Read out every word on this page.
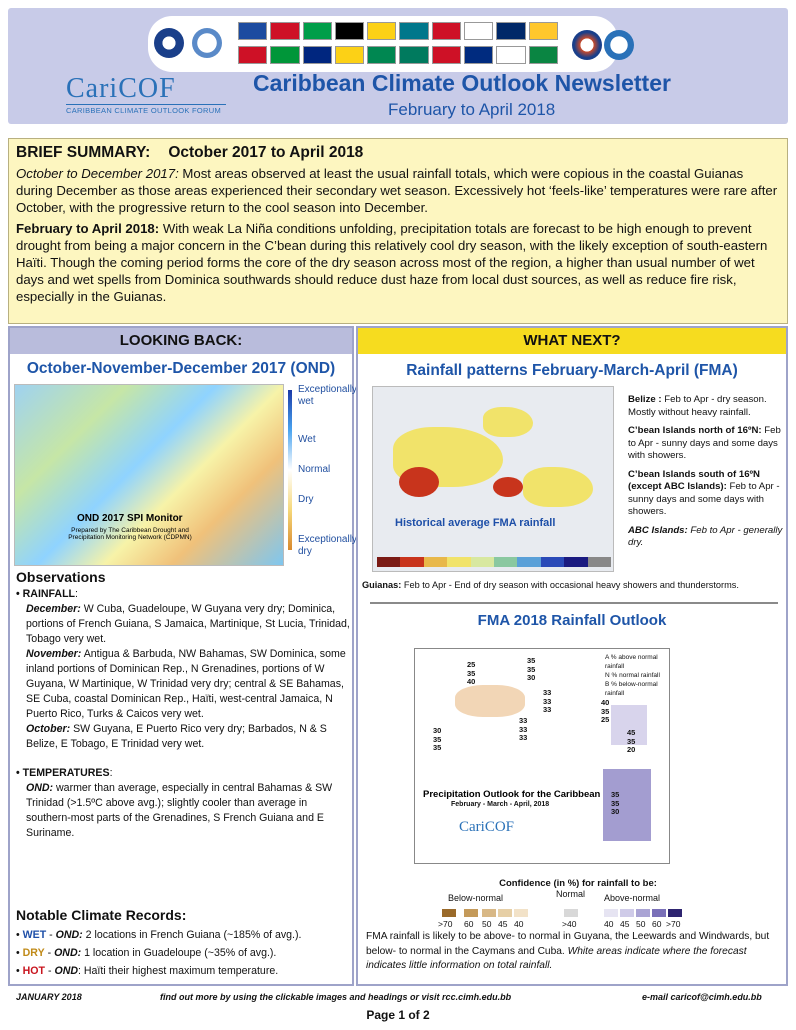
CariCOF
CARIBBEAN CLIMATE OUTLOOK FORUM
Caribbean Climate Outlook Newsletter
February to April 2018
BRIEF SUMMARY: October 2017 to April 2018

October to December 2017: Most areas observed at least the usual rainfall totals, which were copious in the coastal Guianas during December as those areas experienced their secondary wet season. Excessively hot ‘feels-like’ temperatures were rare after October, with the progressive return to the cool season into December.

February to April 2018: With weak La Niña conditions unfolding, precipitation totals are forecast to be high enough to prevent drought from being a major concern in the C’bean during this relatively cool dry season, with the likely exception of south-eastern Haïti. Though the coming period forms the core of the dry season across most of the region, a higher than usual number of wet days and wet spells from Dominica southwards should reduce dust haze from local dust sources, as well as reduce fire risk, especially in the Guianas.

LOOKING BACK:
October-November-December 2017 (OND)
OND 2017 SPI Monitor
Prepared by The Caribbean Drought and Precipitation Monitoring Network (CDPMN)
Exceptionally wet
Wet
Normal
Dry
Exceptionally dry
Observations
• RAINFALL:
December: W Cuba, Guadeloupe, W Guyana very dry; Dominica, portions of French Guiana, S Jamaica, Martinique, St Lucia, Trinidad, Tobago very wet.
November: Antigua & Barbuda, NW Bahamas, SW Dominica, some inland portions of Dominican Rep., N Grenadines, portions of W Guyana, W Martinique, W Trinidad very dry; central & SE Bahamas, SE Cuba, coastal Dominican Rep., Haïti, west-central Jamaica, N Puerto Rico, Turks & Caicos very wet.
October: SW Guyana, E Puerto Rico very dry; Barbados, N & S Belize, E Tobago, E Trinidad very wet.
• TEMPERATURES:
OND: warmer than average, especially in central Bahamas & SW Trinidad (>1.5ºC above avg.); slightly cooler than average in southern-most parts of the Grenadines, S French Guiana and E Suriname.
Notable Climate Records:
• WET - OND: 2 locations in French Guiana (~185% of avg.).
• DRY - OND: 1 location in Guadeloupe (~35% of avg.).
• HOT - OND: Haïti their highest maximum temperature.
WHAT NEXT?
Rainfall patterns February-March-April (FMA)
Historical average FMA rainfall

Belize : Feb to Apr - dry season. Mostly without heavy rainfall.

C’bean Islands north of 16ºN: Feb to Apr - sunny days and some days with showers.

C’bean Islands south of 16ºN (except ABC Islands): Feb to Apr - sunny days and some days with showers.

ABC Islands: Feb to Apr - generally dry.

Guianas: Feb to Apr - End of dry season with occasional heavy showers and thunderstorms.
FMA 2018 Rainfall Outlook
25
35
40
35
35
30
33
33
33
30
35
35
33
33
33
40
35
25
45
35
20
35
35
30
A % above normal rainfall
N % normal rainfall
B % below-normal rainfall
Precipitation Outlook for the Caribbean
February - March - April, 2018
CariCOF
Confidence (in %) for rainfall to be:
Below-normal	Normal Above-normal
>70 60 50 45 40	>40	40 45 50 60 >70
FMA rainfall is likely to be above- to normal in Guyana, the Leewards and Windwards, but below- to normal in the Caymans and Cuba. White areas indicate where the forecast indicates little information on total rainfall.
JANUARY 2018	find out more by using the clickable images and headings or visit rcc.cimh.edu.bb	e-mail caricof@cimh.edu.bb
Page 1 of 2
